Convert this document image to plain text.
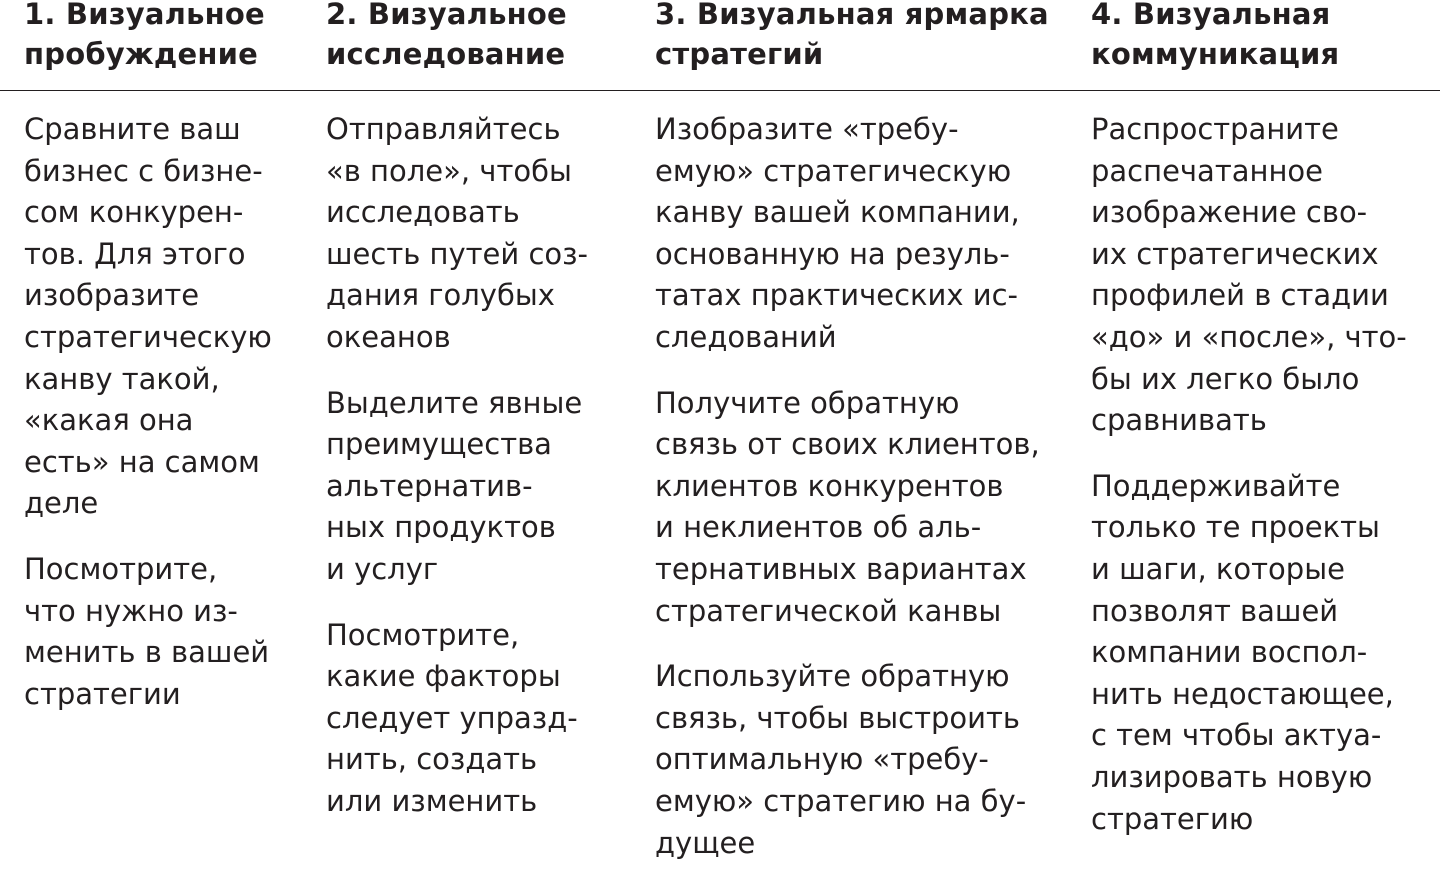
1. Визуальное
пробуждение
2. Визуальное
исследование
3. Визуальная ярмарка
стратегий
4. Визуальная
коммуникация
Сравните ваш
бизнес с бизне-
сом конкурен-
тов. Для этого
изобразите
стратегическую
канву такой,
«какая она
есть» на самом
деле
Посмотрите,
что нужно из-
менить в вашей
стратегии
Отправляйтесь
«в поле», чтобы
исследовать
шесть путей соз-
дания голубых
океанов
Выделите явные
преимущества
альтернатив-
ных продуктов
и услуг
Посмотрите,
какие факторы
следует упразд-
нить, создать
или изменить
Изобразите «требу-
емую» стратегическую
канву вашей компании,
основанную на резуль-
татах практических ис-
следований
Получите обратную
связь от своих клиентов,
клиентов конкурентов
и неклиентов об аль-
тернативных вариантах
стратегической канвы
Используйте обратную
связь, чтобы выстроить
оптимальную «требу-
емую» стратегию на бу-
дущее
Распространите
распечатанное
изображение сво-
их стратегических
профилей в стадии
«до» и «после», что-
бы их легко было
сравнивать
Поддерживайте
только те проекты
и шаги, которые
позволят вашей
компании воспол-
нить недостающее,
с тем чтобы актуа-
лизировать новую
стратегию
